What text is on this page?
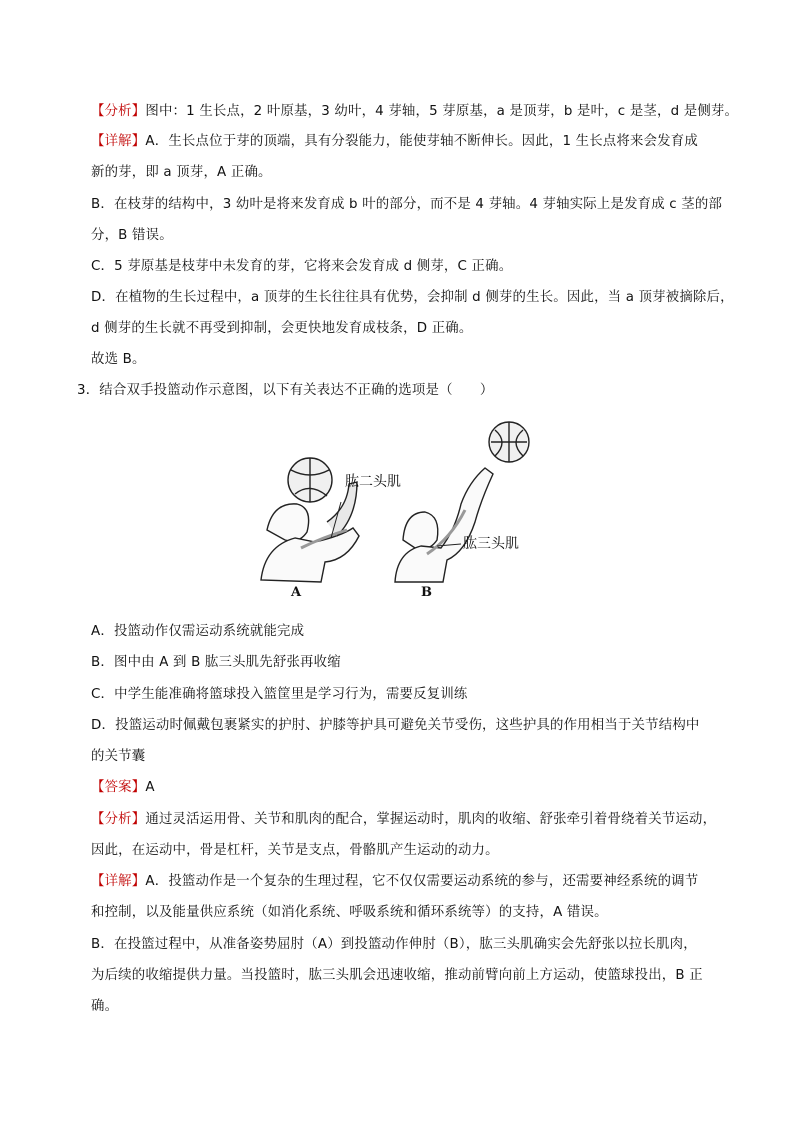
【分析】图中：1 生长点，2 叶原基，3 幼叶，4 芽轴，5 芽原基，a 是顶芽，b 是叶，c 是茎，d 是侧芽。
【详解】A．生长点位于芽的顶端，具有分裂能力，能使芽轴不断伸长。因此，1 生长点将来会发育成
新的芽，即 a 顶芽，A 正确。
B．在枝芽的结构中，3 幼叶是将来发育成 b 叶的部分，而不是 4 芽轴。4 芽轴实际上是发育成 c 茎的部
分，B 错误。
C．5 芽原基是枝芽中未发育的芽，它将来会发育成 d 侧芽，C 正确。
D．在植物的生长过程中，a 顶芽的生长往往具有优势，会抑制 d 侧芽的生长。因此，当 a 顶芽被摘除后，
d 侧芽的生长就不再受到抑制，会更快地发育成枝条，D 正确。
故选 B。
3．结合双手投篮动作示意图，以下有关表达不正确的选项是（　　）
肱二头肌
肱三头肌
A	B
A．投篮动作仅需运动系统就能完成
B．图中由 A 到 B 肱三头肌先舒张再收缩
C．中学生能准确将篮球投入篮筐里是学习行为，需要反复训练
D．投篮运动时佩戴包裹紧实的护肘、护膝等护具可避免关节受伤，这些护具的作用相当于关节结构中
的关节囊
【答案】A
【分析】通过灵活运用骨、关节和肌肉的配合，掌握运动时，肌肉的收缩、舒张牵引着骨绕着关节运动，
因此，在运动中，骨是杠杆，关节是支点，骨骼肌产生运动的动力。
【详解】A．投篮动作是一个复杂的生理过程，它不仅仅需要运动系统的参与，还需要神经系统的调节
和控制，以及能量供应系统（如消化系统、呼吸系统和循环系统等）的支持，A 错误。
B．在投篮过程中，从准备姿势屈肘（A）到投篮动作伸肘（B），肱三头肌确实会先舒张以拉长肌肉，
为后续的收缩提供力量。当投篮时，肱三头肌会迅速收缩，推动前臂向前上方运动，使篮球投出，B 正
确。
